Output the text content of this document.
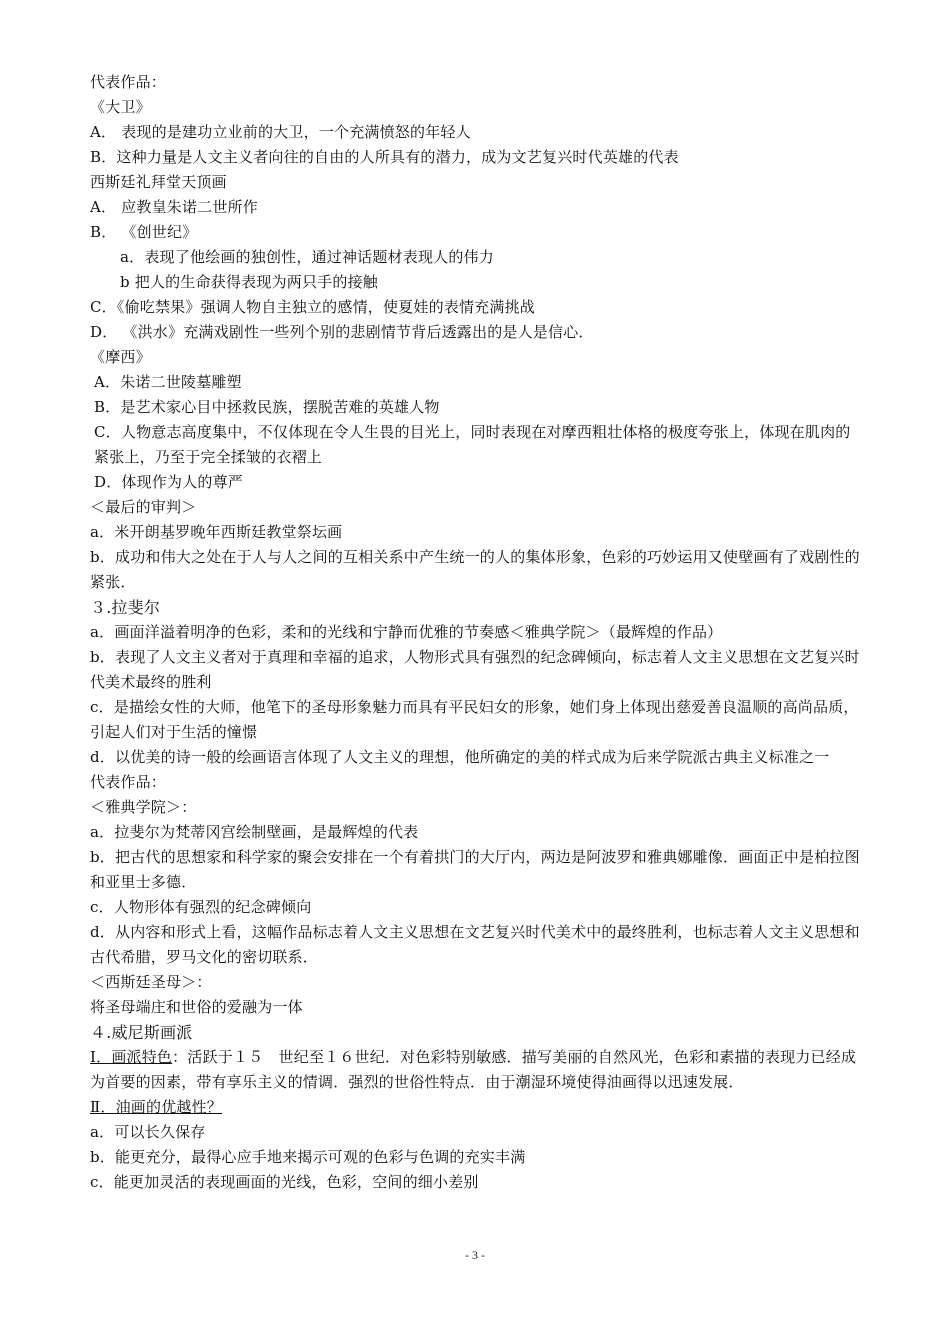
代表作品：
《大卫》
A． 表现的是建功立业前的大卫，一个充满愤怒的年轻人
B．这种力量是人文主义者向往的自由的人所具有的潜力，成为文艺复兴时代英雄的代表
西斯廷礼拜堂天顶画
A． 应教皇朱诺二世所作
B． 《创世纪》
a．表现了他绘画的独创性，通过神话题材表现人的伟力
b 把人的生命获得表现为两只手的接触
C．《偷吃禁果》强调人物自主独立的感情，使夏娃的表情充满挑战
D． 《洪水》充满戏剧性一些列个别的悲剧情节背后透露出的是人是信心．
《摩西》
A．朱诺二世陵墓雕塑
B．是艺术家心目中拯救民族，摆脱苦难的英雄人物
C．人物意志高度集中，不仅体现在令人生畏的目光上，同时表现在对摩西粗壮体格的极度夸张上，体现在肌肉的紧张上，乃至于完全揉皱的衣褶上
D．体现作为人的尊严
＜最后的审判＞
a．米开朗基罗晚年西斯廷教堂祭坛画
b．成功和伟大之处在于人与人之间的互相关系中产生统一的人的集体形象，色彩的巧妙运用又使壁画有了戏剧性的紧张．
３.拉斐尔
a．画面洋溢着明净的色彩，柔和的光线和宁静而优雅的节奏感＜雅典学院＞（最辉煌的作品）
b．表现了人文主义者对于真理和幸福的追求，人物形式具有强烈的纪念碑倾向，标志着人文主义思想在文艺复兴时代美术最终的胜利
c．是描绘女性的大师，他笔下的圣母形象魅力而具有平民妇女的形象，她们身上体现出慈爱善良温顺的高尚品质，引起人们对于生活的憧憬
d．以优美的诗一般的绘画语言体现了人文主义的理想，他所确定的美的样式成为后来学院派古典主义标准之一
代表作品：
＜雅典学院＞：
a．拉斐尔为梵蒂冈宫绘制壁画，是最辉煌的代表
b．把古代的思想家和科学家的聚会安排在一个有着拱门的大厅内，两边是阿波罗和雅典娜雕像．画面正中是柏拉图和亚里士多德．
c．人物形体有强烈的纪念碑倾向
d．从内容和形式上看，这幅作品标志着人文主义思想在文艺复兴时代美术中的最终胜利，也标志着人文主义思想和古代希腊，罗马文化的密切联系．
＜西斯廷圣母＞：
将圣母端庄和世俗的爱融为一体
４.威尼斯画派
Ⅰ．画派特色：活跃于１５　世纪至１６世纪．对色彩特别敏感．描写美丽的自然风光，色彩和素描的表现力已经成为首要的因素，带有享乐主义的情调．强烈的世俗性特点．由于潮湿环境使得油画得以迅速发展．
Ⅱ．油画的优越性？
a．可以长久保存
b．能更充分，最得心应手地来揭示可观的色彩与色调的充实丰满
c．能更加灵活的表现画面的光线，色彩，空间的细小差别
- 3 -
